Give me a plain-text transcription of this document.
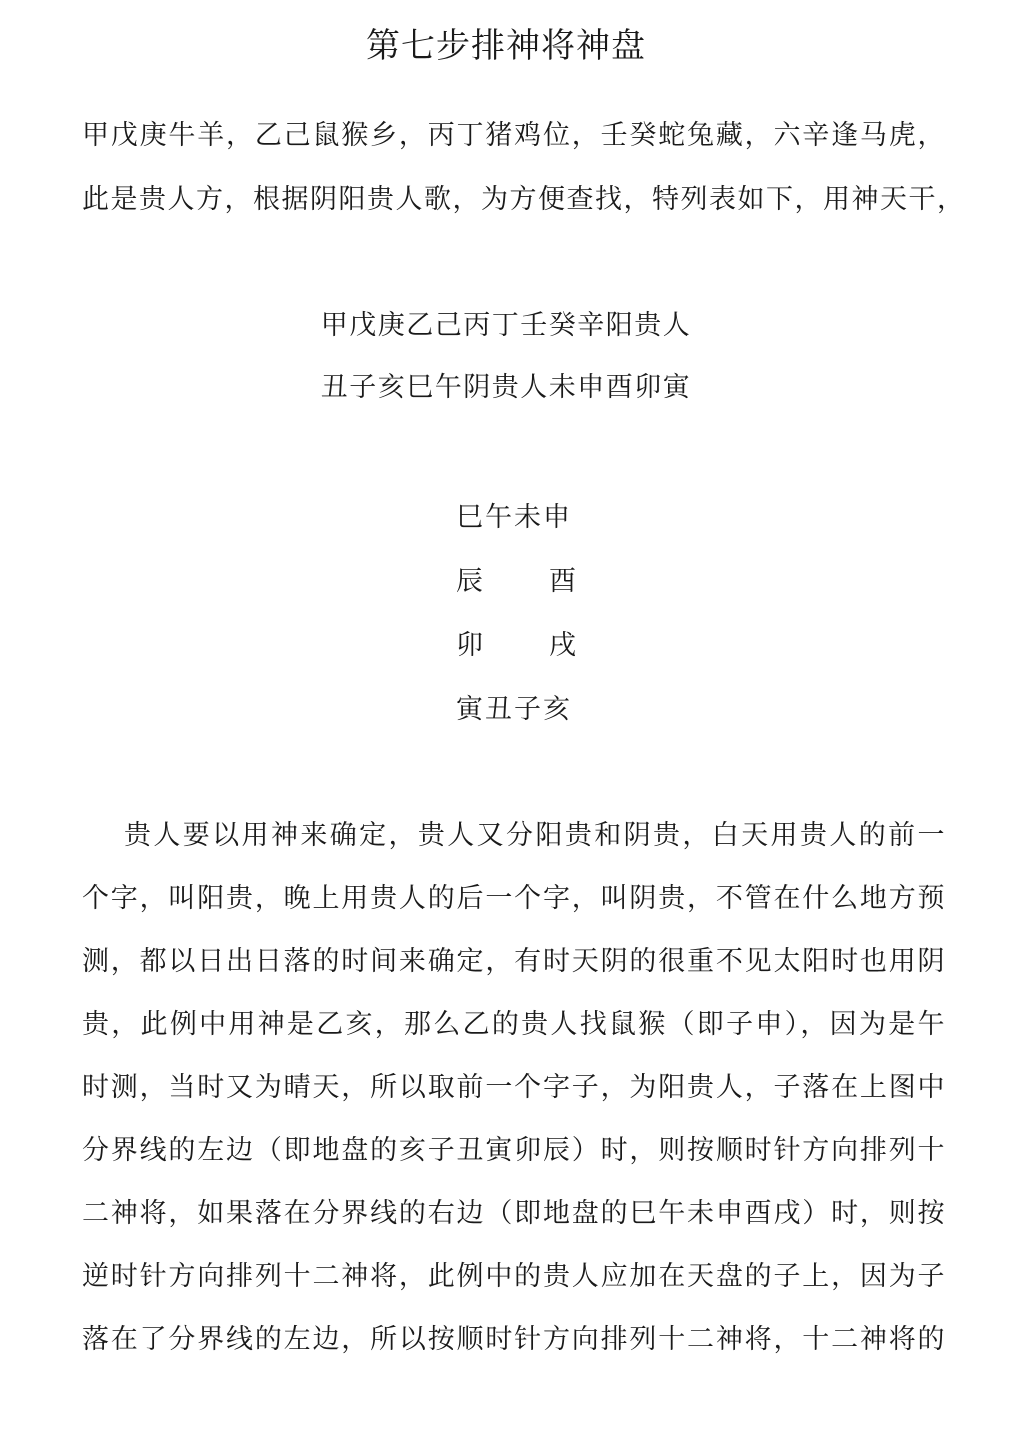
第七步排神将神盘
甲戊庚牛羊，乙己鼠猴乡，丙丁猪鸡位，壬癸蛇兔藏，六辛逢马虎，
此是贵人方，根据阴阳贵人歌，为方便查找，特列表如下，用神天干，
甲戊庚乙己丙丁壬癸辛阳贵人
丑子亥巳午阴贵人未申酉卯寅
巳午未申
辰 酉
卯 戌
寅丑子亥
贵人要以用神来确定，贵人又分阳贵和阴贵，白天用贵人的前一
个字，叫阳贵，晚上用贵人的后一个字，叫阴贵，不管在什么地方预
测，都以日出日落的时间来确定，有时天阴的很重不见太阳时也用阴
贵，此例中用神是乙亥，那么乙的贵人找鼠猴（即子申），因为是午
时测，当时又为晴天，所以取前一个字子，为阳贵人，子落在上图中
分界线的左边（即地盘的亥子丑寅卯辰）时，则按顺时针方向排列十
二神将，如果落在分界线的右边（即地盘的巳午未申酉戌）时，则按
逆时针方向排列十二神将，此例中的贵人应加在天盘的子上，因为子
落在了分界线的左边，所以按顺时针方向排列十二神将，十二神将的
